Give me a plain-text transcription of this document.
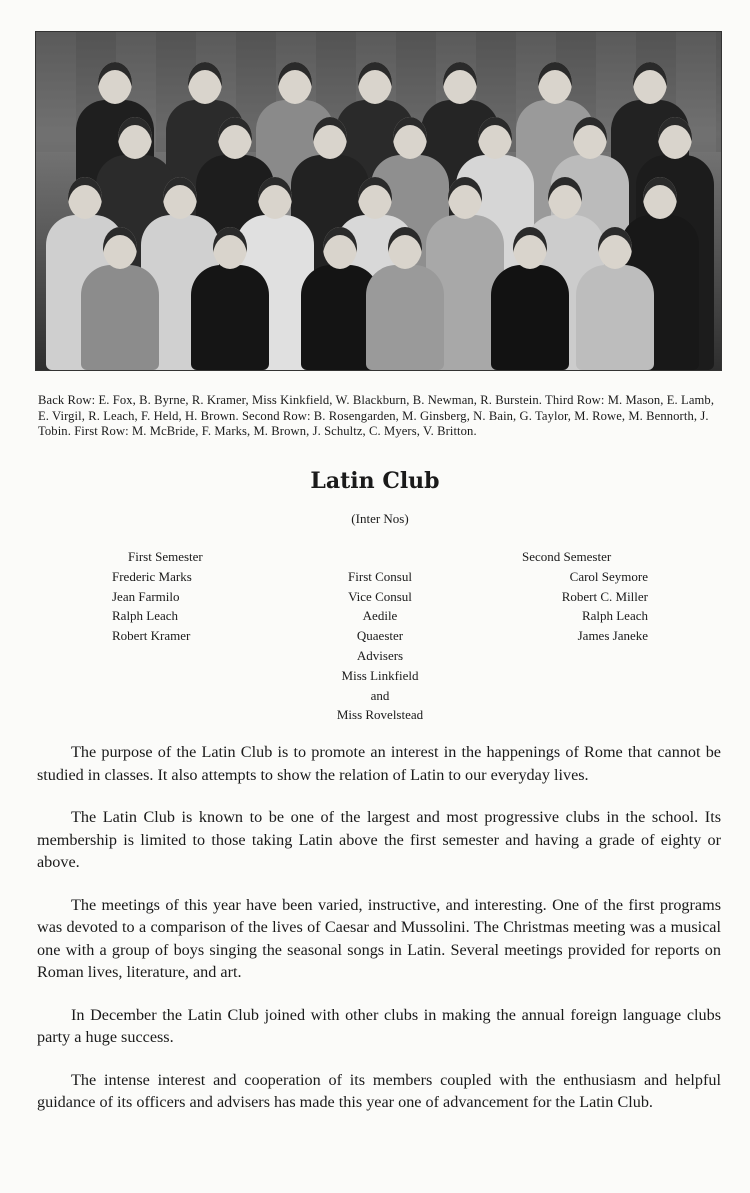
Back Row: E. Fox, B. Byrne, R. Kramer, Miss Kinkfield, W. Blackburn, B. Newman, R. Burstein. Third Row: M. Mason, E. Lamb, E. Virgil, R. Leach, F. Held, H. Brown. Second Row: B. Rosengarden, M. Ginsberg, N. Bain, G. Taylor, M. Rowe, M. Bennorth, J. Tobin. First Row: M. McBride, F. Marks, M. Brown, J. Schultz, C. Myers, V. Britton.
Latin Club
(Inter Nos)
First Semester
Frederic Marks
Jean Farmilo
Ralph Leach
Robert Kramer

First Consul
Vice Consul
Aedile
Quaester
Advisers
Miss Linkfield
and
Miss Rovelstead
Second Semester
Carol Seymore
Robert C. Miller
Ralph Leach
James Janeke

The purpose of the Latin Club is to promote an interest in the happenings of Rome that cannot be studied in classes. It also attempts to show the relation of Latin to our everyday lives.

The Latin Club is known to be one of the largest and most progressive clubs in the school. Its membership is limited to those taking Latin above the first semester and having a grade of eighty or above.

The meetings of this year have been varied, instructive, and interesting. One of the first programs was devoted to a comparison of the lives of Caesar and Mussolini. The Christmas meeting was a musical one with a group of boys singing the seasonal songs in Latin. Several meetings provided for reports on Roman lives, literature, and art.

In December the Latin Club joined with other clubs in making the annual foreign language clubs party a huge success.

The intense interest and cooperation of its members coupled with the enthusiasm and helpful guidance of its officers and advisers has made this year one of advancement for the Latin Club.
